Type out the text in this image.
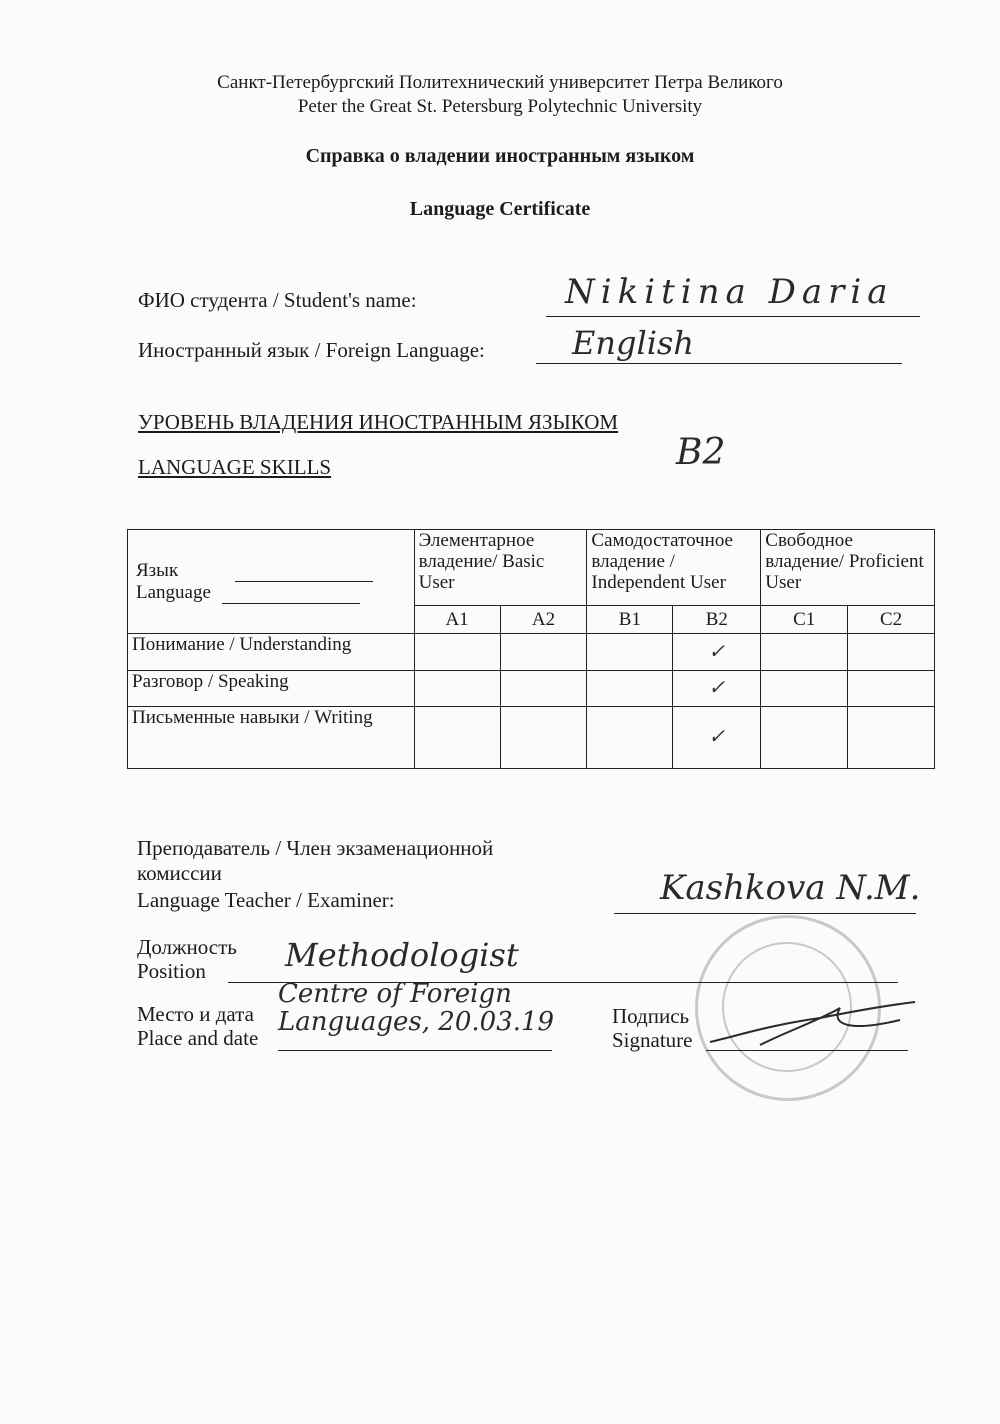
Санкт-Петербургский Политехнический университет Петра Великого
Peter the Great St. Petersburg Polytechnic University
Справка о владении иностранным языком
Language Certificate
ФИО студента / Student's name:	Nikitina Daria
Иностранный язык / Foreign Language:	English
УРОВЕНЬ ВЛАДЕНИЯ ИНОСТРАННЫМ ЯЗЫКОМ
LANGUAGE SKILLS	B2
Язык
Language	Элементарное владение/ Basic User		Самодостаточное владение / Independent User		Свободное владение/ Proficient User	
	A1	A2	B1	B2	C1	C2
Понимание / Understanding				✓		
Разговор / Speaking				✓		
Письменные навыки / Writing				✓		
Преподаватель / Член экзаменационной
комиссии
Language Teacher / Examiner:	Kashkova N.M.
Должность
Position	Methodologist
Место и дата
Place and date
Centre of Foreign
Languages, 20.03.19	Подпись
Signature
